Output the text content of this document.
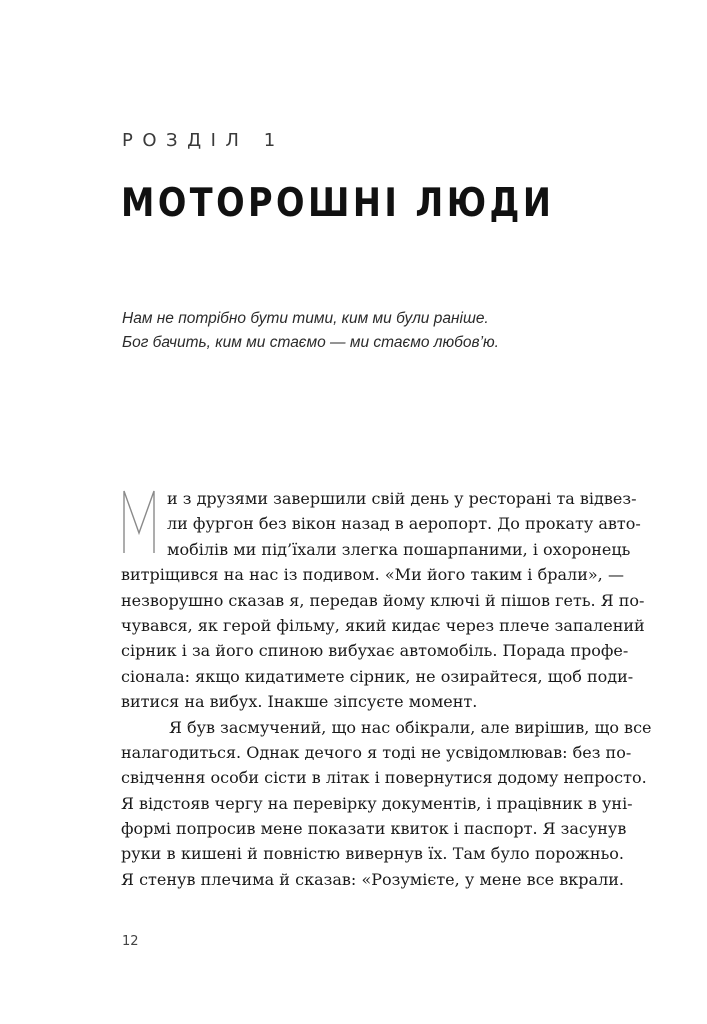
РОЗДІЛ 1
МОТОРОШНІ ЛЮДИ
Нам не потрібно бути тими, ким ми були раніше.
Бог бачить, ким ми стаємо — ми стаємо любов’ю.
и з друзями завершили свій день у ресторані та відвез-
ли фургон без вікон назад в аеропорт. До прокату авто-
мобілів ми під’їхали злегка пошарпаними, і охоронець
витріщився на нас із подивом. «Ми його таким і брали», —
незворушно сказав я, передав йому ключі й пішов геть. Я по-
чувався, як герой фільму, який кидає через плече запалений
сірник і за його спиною вибухає автомобіль. Порада профе-
сіонала: якщо кидатимете сірник, не озирайтеся, щоб поди-
витися на вибух. Інакше зіпсуєте момент.
Я був засмучений, що нас обікрали, але вирішив, що все
налагодиться. Однак дечого я тоді не усвідомлював: без по-
свідчення особи сісти в літак і повернутися додому непросто.
Я відстояв чергу на перевірку документів, і працівник в уні-
формі попросив мене показати квиток і паспорт. Я засунув
руки в кишені й повністю вивернув їх. Там було порожньо.
Я стенув плечима й сказав: «Розумієте, у мене все вкрали.
12
